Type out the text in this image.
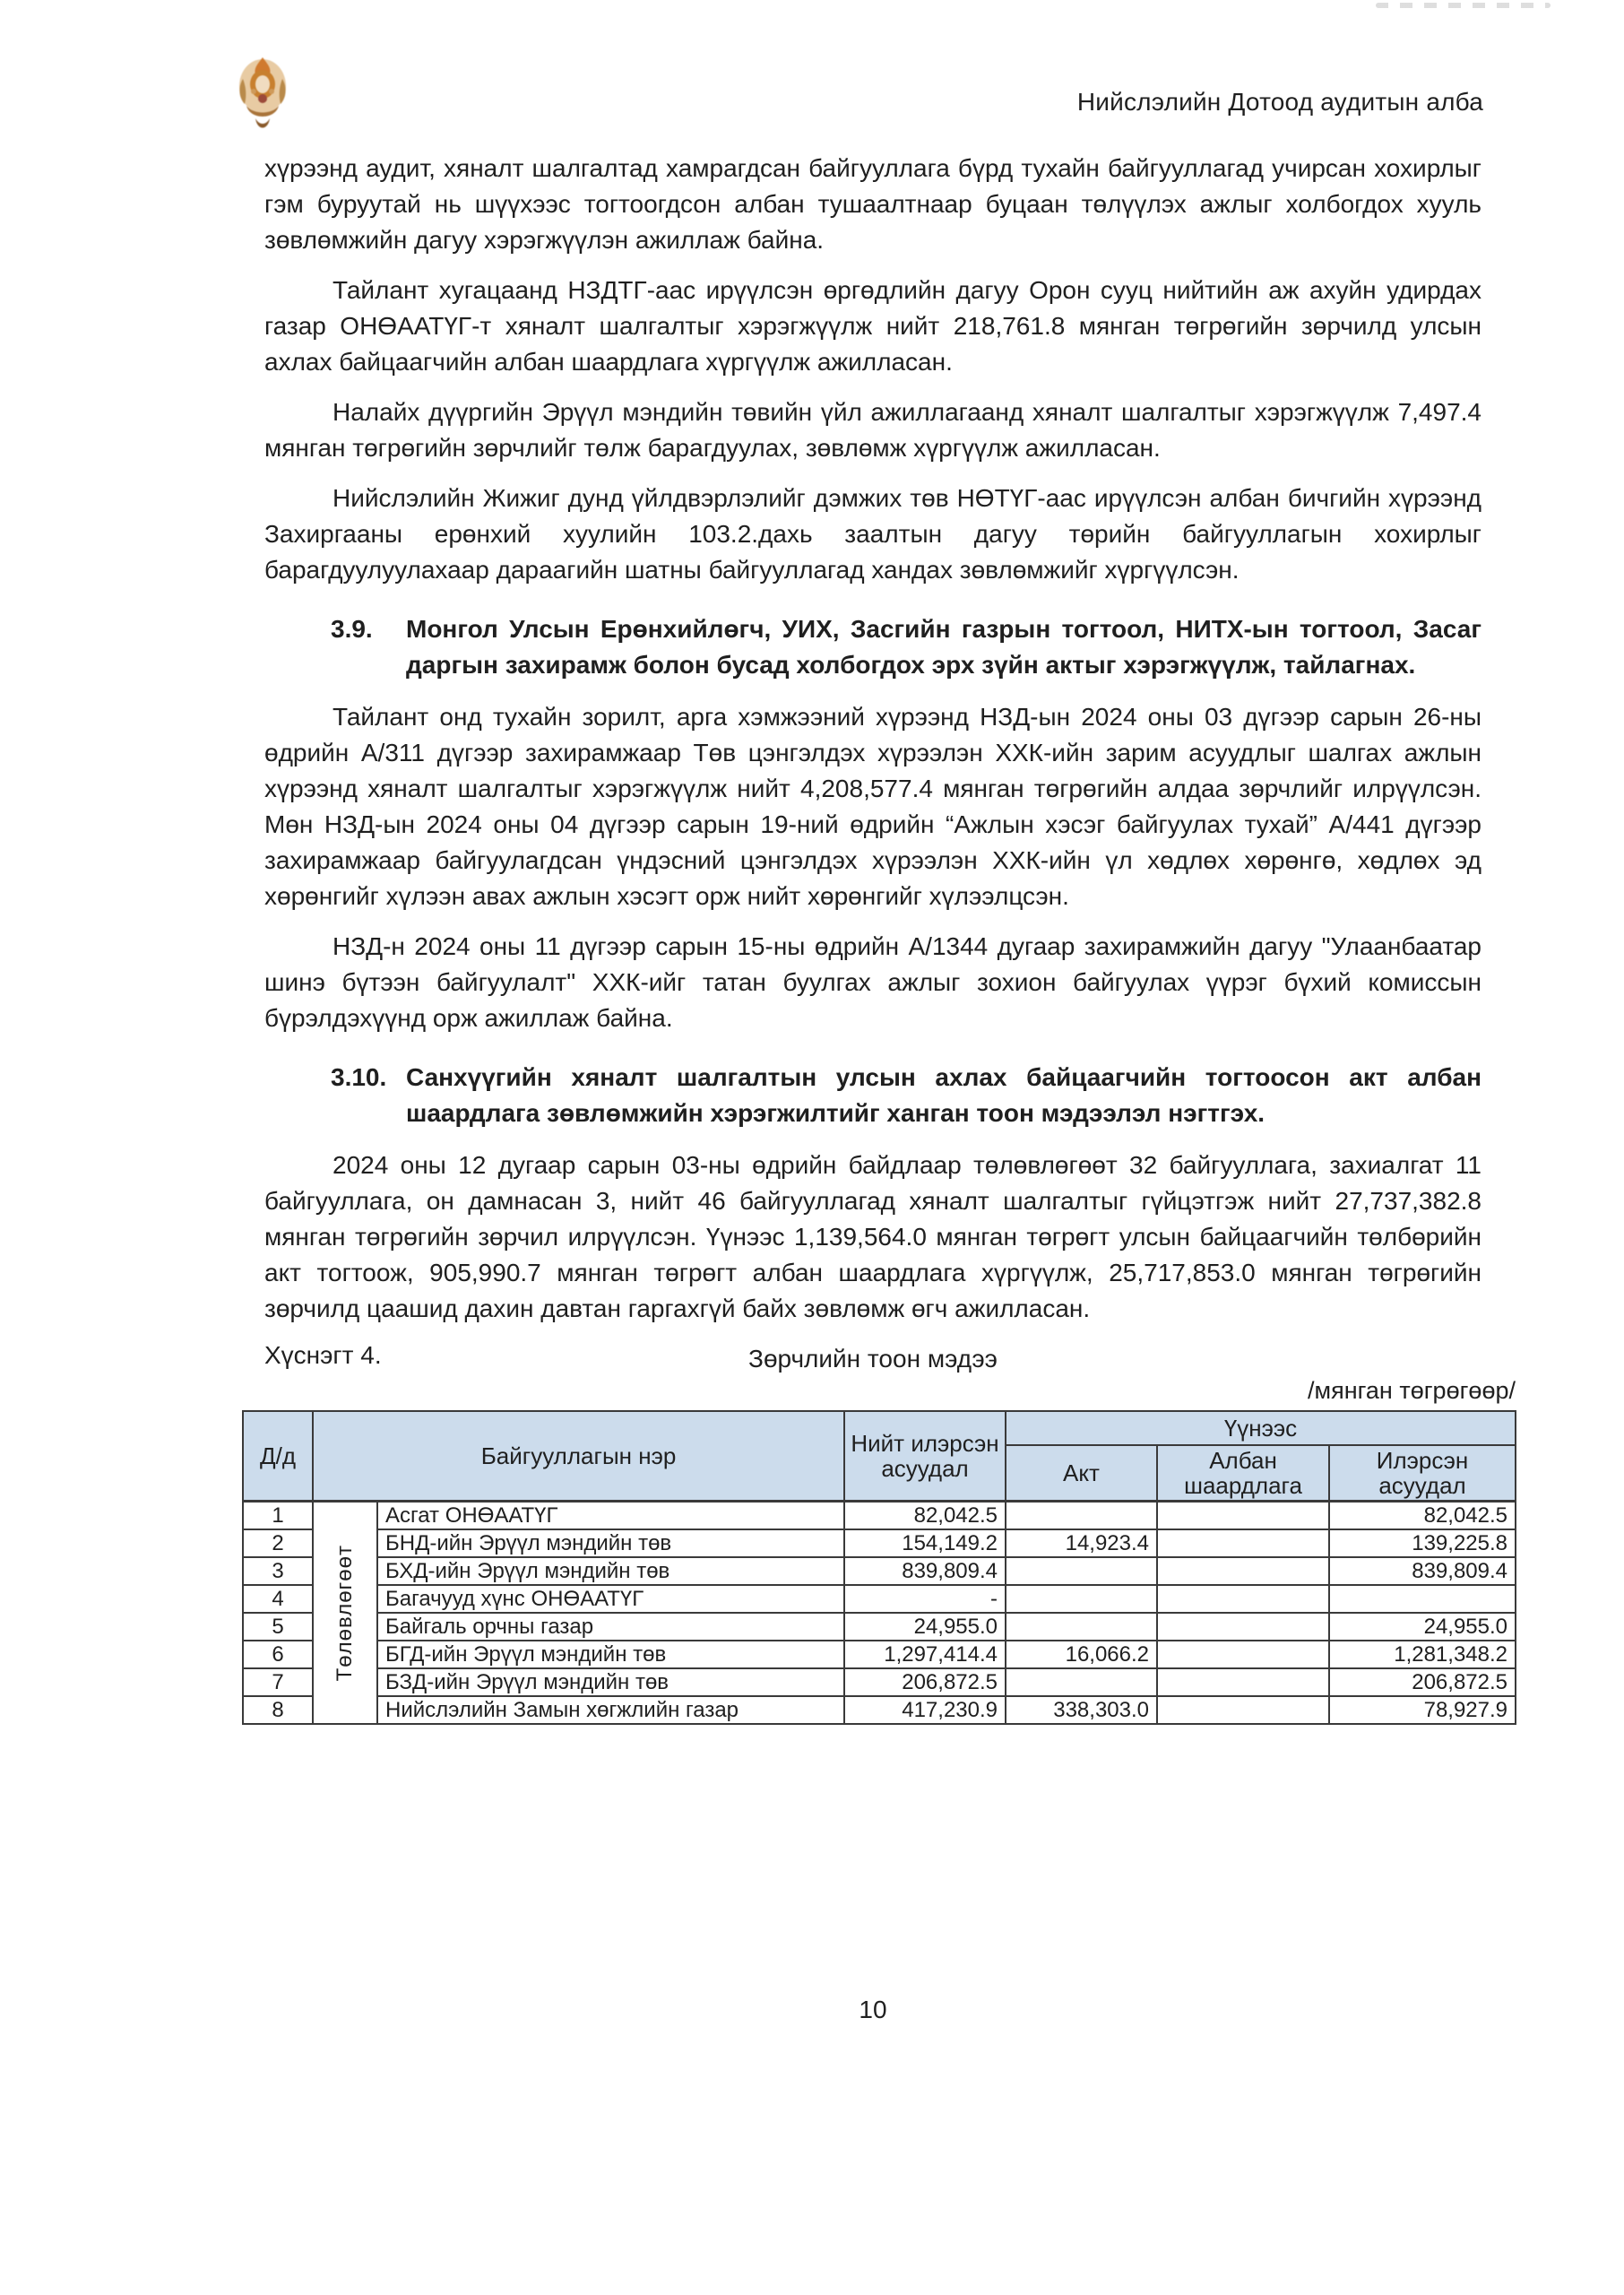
Нийслэлийн Дотоод аудитын алба

хүрээнд аудит, хяналт шалгалтад хамрагдсан байгууллага бүрд тухайн байгууллагад учирсан хохирлыг гэм буруутай нь шүүхээс тогтоогдсон албан тушаалтнаар буцаан төлүүлэх ажлыг холбогдох хууль зөвлөмжийн дагуу хэрэгжүүлэн ажиллаж байна.

Тайлант хугацаанд НЗДТГ-аас ирүүлсэн өргөдлийн дагуу Орон сууц нийтийн аж ахуйн удирдах газар ОНӨААТҮГ-т хяналт шалгалтыг хэрэгжүүлж нийт 218,761.8 мянган төгрөгийн зөрчилд улсын ахлах байцаагчийн албан шаардлага хүргүүлж ажилласан.

Налайх дүүргийн Эрүүл мэндийн төвийн үйл ажиллагаанд хяналт шалгалтыг хэрэгжүүлж 7,497.4 мянган төгрөгийн зөрчлийг төлж барагдуулах, зөвлөмж хүргүүлж ажилласан.

Нийслэлийн Жижиг дунд үйлдвэрлэлийг дэмжих төв НӨТҮГ-аас ирүүлсэн албан бичгийн хүрээнд Захиргааны ерөнхий хуулийн 103.2.дахь заалтын дагуу төрийн байгууллагын хохирлыг барагдуулуулахаар дараагийн шатны байгууллагад хандах зөвлөмжийг хүргүүлсэн.

3.9. Монгол Улсын Ерөнхийлөгч, УИХ, Засгийн газрын тогтоол, НИТХ-ын тогтоол, Засаг даргын захирамж болон бусад холбогдох эрх зүйн актыг хэрэгжүүлж, тайлагнах.

Тайлант онд тухайн зорилт, арга хэмжээний хүрээнд НЗД-ын 2024 оны 03 дүгээр сарын 26-ны өдрийн А/311 дүгээр захирамжаар Төв цэнгэлдэх хүрээлэн ХХК-ийн зарим асуудлыг шалгах ажлын хүрээнд хяналт шалгалтыг хэрэгжүүлж нийт 4,208,577.4 мянган төгрөгийн алдаа зөрчлийг илрүүлсэн. Мөн НЗД-ын 2024 оны 04 дүгээр сарын 19-ний өдрийн “Ажлын хэсэг байгуулах тухай” А/441 дүгээр захирамжаар байгуулагдсан үндэсний цэнгэлдэх хүрээлэн ХХК-ийн үл хөдлөх хөрөнгө, хөдлөх эд хөрөнгийг хүлээн авах ажлын хэсэгт орж нийт хөрөнгийг хүлээлцсэн.

НЗД-н 2024 оны 11 дүгээр сарын 15-ны өдрийн А/1344 дугаар захирамжийн дагуу "Улаанбаатар шинэ бүтээн байгуулалт" ХХК-ийг татан буулгах ажлыг зохион байгуулах үүрэг бүхий комиссын бүрэлдэхүүнд орж ажиллаж байна.

3.10. Санхүүгийн хяналт шалгалтын улсын ахлах байцаагчийн тогтоосон акт албан шаардлага зөвлөмжийн хэрэгжилтийг ханган тоон мэдээлэл нэгтгэх.

2024 оны 12 дугаар сарын 03-ны өдрийн байдлаар төлөвлөгөөт 32 байгууллага, захиалгат 11 байгууллага, он дамнасан 3, нийт 46 байгууллагад хяналт шалгалтыг гүйцэтгэж нийт 27,737,382.8 мянган төгрөгийн зөрчил илрүүлсэн. Үүнээс 1,139,564.0 мянган төгрөгт улсын байцаагчийн төлбөрийн акт тогтоож, 905,990.7 мянган төгрөгт албан шаардлага хүргүүлж, 25,717,853.0 мянган төгрөгийн зөрчилд цаашид дахин давтан гаргахгүй байх зөвлөмж өгч ажилласан.

Хүснэгт 4.	Зөрчлийн тоон мэдээ
/мянган төгрөгөөр/
Д/д	Байгууллагын нэр		Нийт илэрсэн асуудал	Үүнээс		
				Акт	Албан шаардлага	Илэрсэн асуудал
1	Төлөвлөгөөт	Асгат ОНӨААТҮГ	82,042.5			82,042.5
2		БНД-ийн Эрүүл мэндийн төв	154,149.2	14,923.4		139,225.8
3		БХД-ийн Эрүүл мэндийн төв	839,809.4			839,809.4
4		Багачууд хүнс ОНӨААТҮГ	-			
5		Байгаль орчны газар	24,955.0			24,955.0
6		БГД-ийн Эрүүл мэндийн төв	1,297,414.4	16,066.2		1,281,348.2
7		БЗД-ийн Эрүүл мэндийн төв	206,872.5			206,872.5
8		Нийслэлийн Замын хөгжлийн газар	417,230.9	338,303.0		78,927.9
10
